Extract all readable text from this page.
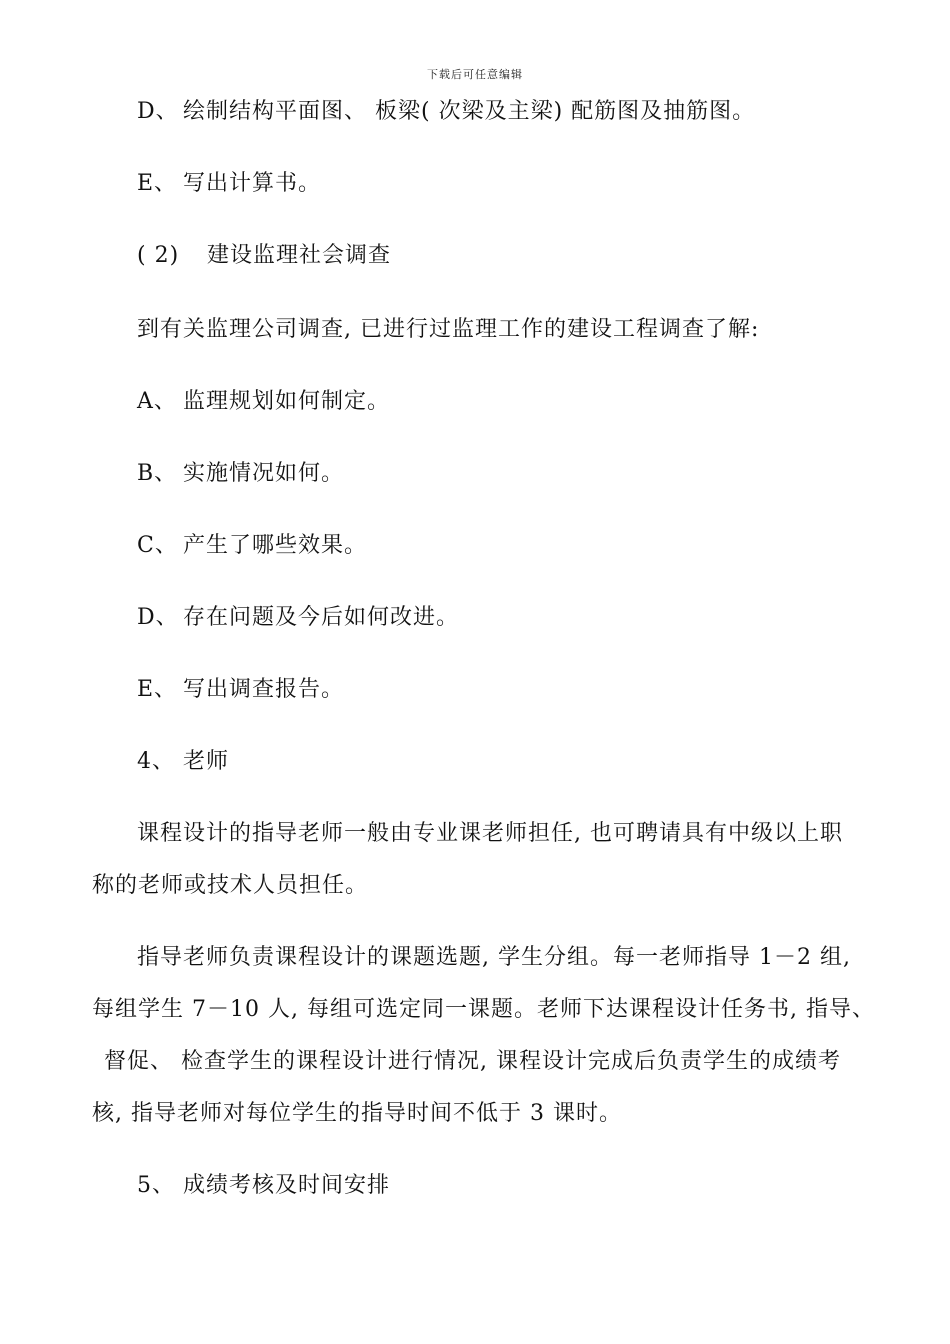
下载后可任意编辑
D、 绘制结构平面图、 板梁( 次梁及主梁) 配筋图及抽筋图。
E、 写出计算书。
( 2) 建设监理社会调查
到有关监理公司调查, 已进行过监理工作的建设工程调查了解:
A、 监理规划如何制定。
B、 实施情况如何。
C、 产生了哪些效果。
D、 存在问题及今后如何改进。
E、 写出调查报告。
4、 老师
课程设计的指导老师一般由专业课老师担任, 也可聘请具有中级以上职
称的老师或技术人员担任。
指导老师负责课程设计的课题选题, 学生分组。每一老师指导 1－2 组,
每组学生 7－10 人, 每组可选定同一课题。老师下达课程设计任务书, 指导、
督促、 检查学生的课程设计进行情况, 课程设计完成后负责学生的成绩考
核, 指导老师对每位学生的指导时间不低于 3 课时。
5、 成绩考核及时间安排
